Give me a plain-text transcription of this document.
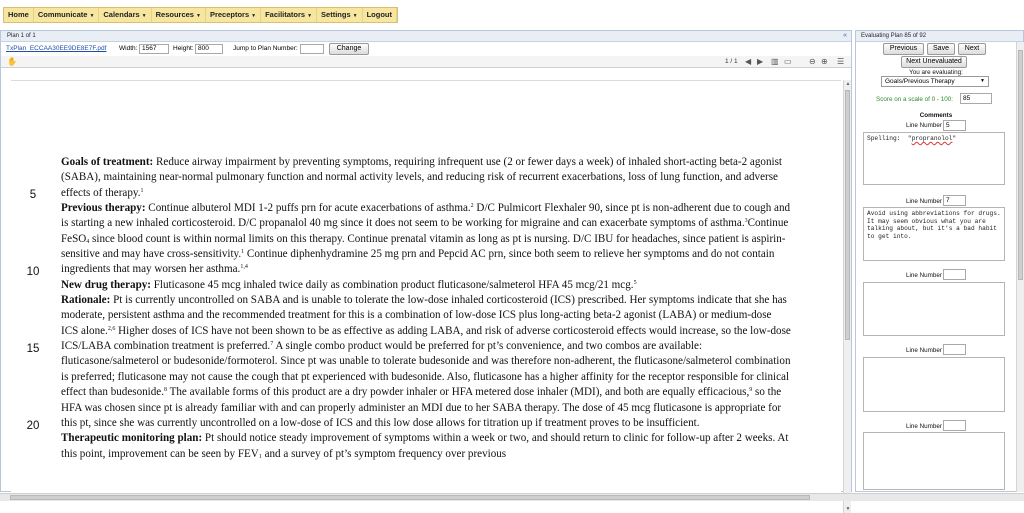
Home	Communicate ▼	Calendars ▼	Resources ▼	Preceptors ▼	Facilitators ▼	Settings ▼	Logout
Plan 1 of 1	«
TxPlan_ECCAA30EE9DE8E7F.pdf Width: 1567	Height: 800	Jump to Plan Number:	Change
✋	1 / 1 ◀ ▶ ▥ ▭ ⊖ ⊕ ☰
5
10
15
20
Goals of treatment: Reduce airway impairment by preventing symptoms, requiring infrequent use (2 or fewer days a week) of inhaled short-acting beta-2 agonist (SABA), maintaining near-normal pulmonary function and normal activity levels, and reducing risk of recurrent exacerbations, loss of lung function, and adverse effects of therapy.$^1$
Previous therapy: Continue albuterol MDI 1-2 puffs prn for acute exacerbations of asthma.$^2$ D/C Pulmicort Flexhaler 90, since pt is non-adherent due to cough and is starting a new inhaled corticosteroid. D/C propanalol 40 mg since it does not seem to be working for migraine and can exacerbate symptoms of asthma.$^3$Continue FeSO$_4$ since blood count is within normal limits on this therapy. Continue prenatal vitamin as long as pt is nursing. D/C IBU for headaches, since patient is aspirin-sensitive and may have cross-sensitivity.$^1$ Continue diphenhydramine 25 mg prn and Pepcid AC prn, since both seem to relieve her symptoms and do not contain ingredients that may worsen her asthma.$^{1,4}$
New drug therapy: Fluticasone 45 mcg inhaled twice daily as combination product fluticasone/salmeterol HFA 45 mcg/21 mcg.$^5$
Rationale: Pt is currently uncontrolled on SABA and is unable to tolerate the low-dose inhaled corticosteroid (ICS) prescribed. Her symptoms indicate that she has moderate, persistent asthma and the recommended treatment for this is a combination of low-dose ICS plus long-acting beta-2 agonist (LABA) or medium-dose ICS alone.$^{2,6}$ Higher doses of ICS have not been shown to be as effective as adding LABA, and risk of adverse corticosteroid effects would increase, so the low-dose ICS/LABA combination treatment is preferred.$^7$ A single combo product would be preferred for pt’s convenience, and two combos are available: fluticasone/salmeterol or budesonide/formoterol. Since pt was unable to tolerate budesonide and was therefore non-adherent, the fluticasone/salmeterol combination is preferred; fluticasone may not cause the cough that pt experienced with budesonide. Also, fluticasone has a higher affinity for the receptor responsible for clinical effect than budesonide.$^8$ The available forms of this product are a dry powder inhaler or HFA metered dose inhaler (MDI), and both are equally efficacious,$^9$ so the HFA was chosen since pt is already familiar with and can properly administer an MDI due to her SABA therapy. The dose of 45 mcg fluticasone is appropriate for this pt, since she was currently uncontrolled on a low-dose of ICS and this low dose allows for titration up if treatment proves to be insufficient.
Therapeutic monitoring plan: Pt should notice steady improvement of symptoms within a week or two, and should return to clinic for follow-up after 2 weeks. At this point, improvement can be seen by $FEV_1$ and a survey of pt’s symptom frequency over previous
▲
▼
Evaluating Plan 85 of 92
Previous	Save	Next
Next Unevaluated
You are evaluating:
Goals/Previous Therapy	▼
Score on a scale of 0 - 100:	85
Comments
Line Number 5
Spelling:  "propranolol"
Line Number 7
Avoid using abbreviations for drugs.  It may seem obvious what you are talking about, but it's a bad habit to get into.
Line Number
Line Number
Line Number
